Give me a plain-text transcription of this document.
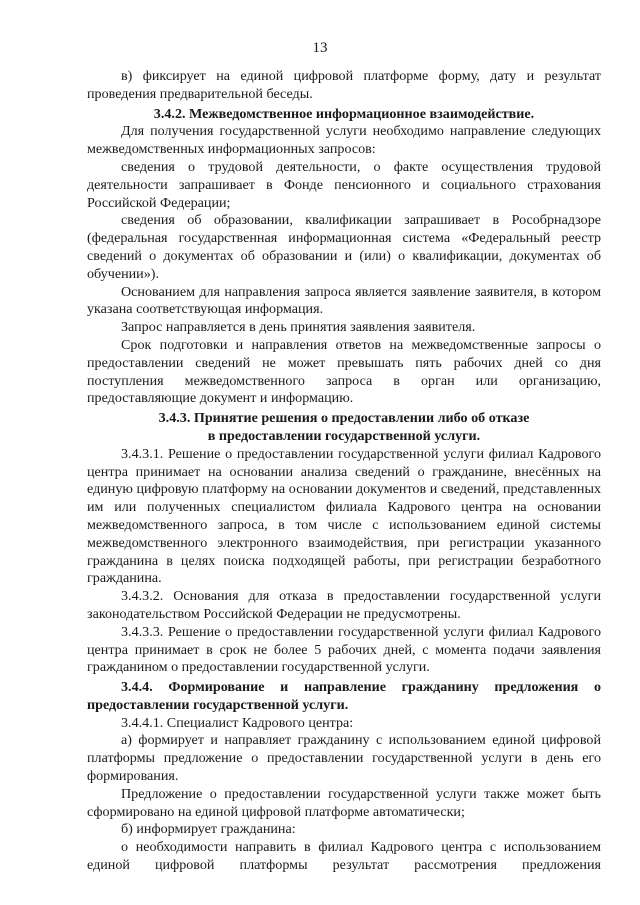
13

в) фиксирует на единой цифровой платформе форму, дату и результат проведения предварительной беседы.

3.4.2. Межведомственное информационное взаимодействие.

Для получения государственной услуги необходимо направление следующих межведомственных информационных запросов:

сведения о трудовой деятельности, о факте осуществления трудовой деятельности запрашивает в Фонде пенсионного и социального страхования Российской Федерации;

сведения об образовании, квалификации запрашивает в Рособрнадзоре (федеральная государственная информационная система «Федеральный реестр сведений о документах об образовании и (или) о квалификации, документах об обучении»).

Основанием для направления запроса является заявление заявителя, в котором указана соответствующая информация.

Запрос направляется в день принятия заявления заявителя.

Срок подготовки и направления ответов на межведомственные запросы о предоставлении сведений не может превышать пять рабочих дней со дня поступления межведомственного запроса в орган или организацию, предоставляющие документ и информацию.

3.4.3. Принятие решения о предоставлении либо об отказе

в предоставлении государственной услуги.

3.4.3.1. Решение о предоставлении государственной услуги филиал Кадрового центра принимает на основании анализа сведений о гражданине, внесённых на единую цифровую платформу на основании документов и сведений, представленных им или полученных специалистом филиала Кадрового центра на основании межведомственного запроса, в том числе с использованием единой системы межведомственного электронного взаимодействия, при регистрации указанного гражданина в целях поиска подходящей работы, при регистрации безработного гражданина.

3.4.3.2. Основания для отказа в предоставлении государственной услуги законодательством Российской Федерации не предусмотрены.

3.4.3.3. Решение о предоставлении государственной услуги филиал Кадрового центра принимает в срок не более 5 рабочих дней, с момента подачи заявления гражданином о предоставлении государственной услуги.

3.4.4. Формирование и направление гражданину предложения о предоставлении государственной услуги.

3.4.4.1. Специалист Кадрового центра:

а) формирует и направляет гражданину с использованием единой цифровой платформы предложение о предоставлении государственной услуги в день его формирования.

Предложение о предоставлении государственной услуги также может быть сформировано на единой цифровой платформе автоматически;

б) информирует гражданина:

о необходимости направить в филиал Кадрового центра с использованием единой цифровой платформы результат рассмотрения предложения
